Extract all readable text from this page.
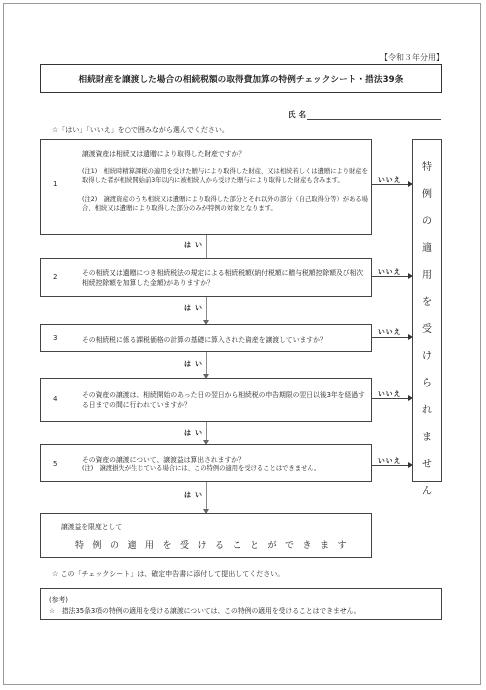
【令和３年分用】
相続財産を譲渡した場合の相続税額の取得費加算の特例チェックシート・措法39条
氏名
☆「はい」「いいえ」を○で囲みながら選んでください。
1
譲渡資産は相続又は遺贈により取得した財産ですか？
(注1)　相続時精算課税の適用を受けた贈与により取得した財産、又は相続若しくは遺贈により財産を取得した者が相続開始前3年以内に被相続人から受けた贈与により取得した財産も含みます。
(注2)　譲渡資産のうち相続又は遺贈により取得した部分とそれ以外の部分（自己取得分等）がある場合、相続又は遺贈により取得した部分のみが特例の対象となります。
いいえ
はい
2	その相続又は遺贈につき相続税法の規定による相続税額(納付税額に贈与税額控除額及び相次相続控除額を加算した金額)がありますか？
いいえ
はい
3	その相続税に係る課税価格の計算の基礎に算入された資産を譲渡していますか？
いいえ
はい
4	その資産の譲渡は、相続開始のあった日の翌日から相続税の申告期限の翌日以後3年を経過する日までの間に行われていますか？
いいえ
はい
5	その資産の譲渡について、譲渡益は算出されますか？
(注)　譲渡損失が生じている場合には、この特例の適用を受けることはできません。
いいえ
はい
特
例
の
適
用
を
受
け
ら
れ
ま
せ
ん
譲渡益を限度として
特例の適用を受けることができます
☆ この「チェックシート」は、確定申告書に添付して提出してください。
(参考)
☆　措法35条3項の特例の適用を受ける譲渡については、この特例の適用を受けることはできません。
